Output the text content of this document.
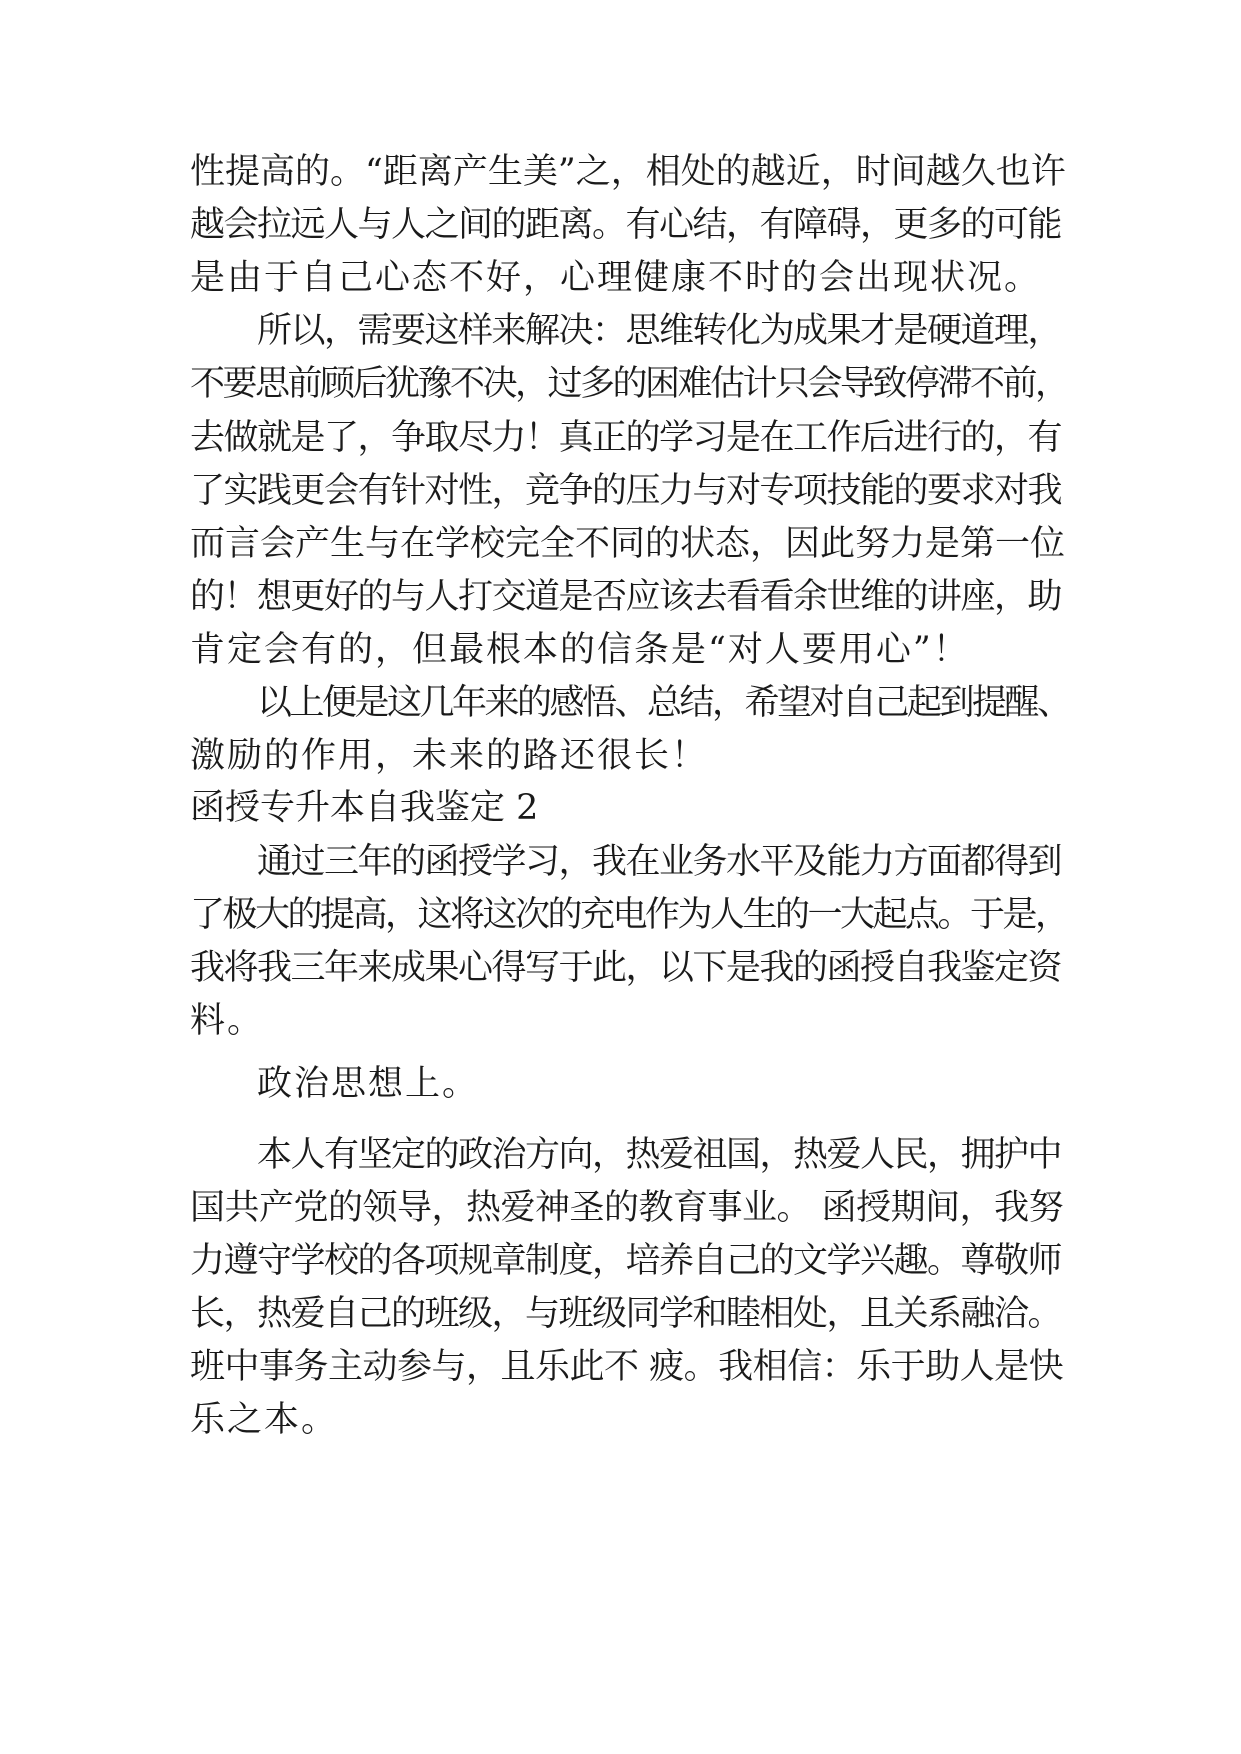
性提高的。“距离产生美”之，相处的越近，时间越久也许
越会拉远人与人之间的距离。有心结，有障碍，更多的可能
是由于自己心态不好，心理健康不时的会出现状况。
所以，需要这样来解决：思维转化为成果才是硬道理，
不要思前顾后犹豫不决，过多的困难估计只会导致停滞不前，
去做就是了，争取尽力！真正的学习是在工作后进行的，有
了实践更会有针对性，竞争的压力与对专项技能的要求对我
而言会产生与在学校完全不同的状态，因此努力是第一位
的！想更好的与人打交道是否应该去看看余世维的讲座，助
肯定会有的，但最根本的信条是“对人要用心”！
以上便是这几年来的感悟、总结，希望对自己起到提醒、
激励的作用，未来的路还很长！
函授专升本自我鉴定 2
通过三年的函授学习，我在业务水平及能力方面都得到
了极大的提高，这将这次的充电作为人生的一大起点。于是，
我将我三年来成果心得写于此，以下是我的函授自我鉴定资
料。
政治思想上。
本人有坚定的政治方向，热爱祖国，热爱人民，拥护中
国共产党的领导，热爱神圣的教育事业。 函授期间，我努
力遵守学校的各项规章制度，培养自己的文学兴趣。尊敬师
长，热爱自己的班级，与班级同学和睦相处，且关系融洽。
班中事务主动参与，且乐此不 疲。我相信：乐于助人是快
乐之本。
